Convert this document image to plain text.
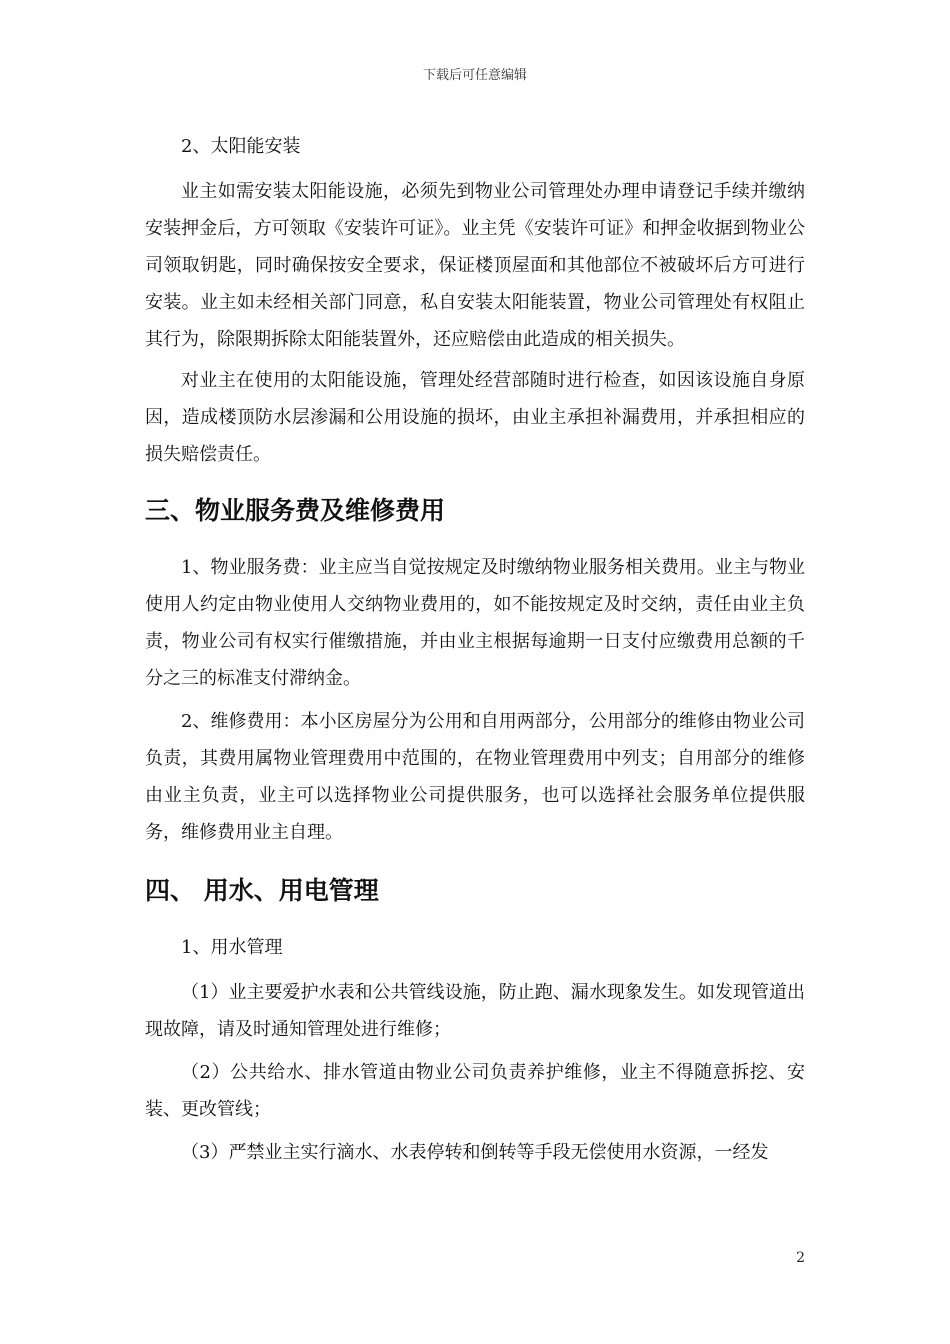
下载后可任意编辑

2、太阳能安装

业主如需安装太阳能设施，必须先到物业公司管理处办理申请登记手续并缴纳安装押金后，方可领取《安装许可证》。业主凭《安装许可证》和押金收据到物业公司领取钥匙，同时确保按安全要求，保证楼顶屋面和其他部位不被破坏后方可进行安装。业主如未经相关部门同意，私自安装太阳能装置，物业公司管理处有权阻止其行为，除限期拆除太阳能装置外，还应赔偿由此造成的相关损失。

对业主在使用的太阳能设施，管理处经营部随时进行检查，如因该设施自身原因，造成楼顶防水层渗漏和公用设施的损坏，由业主承担补漏费用，并承担相应的损失赔偿责任。

三、物业服务费及维修费用

1、物业服务费：业主应当自觉按规定及时缴纳物业服务相关费用。业主与物业使用人约定由物业使用人交纳物业费用的，如不能按规定及时交纳，责任由业主负责，物业公司有权实行催缴措施，并由业主根据每逾期一日支付应缴费用总额的千分之三的标准支付滞纳金。

2、维修费用：本小区房屋分为公用和自用两部分，公用部分的维修由物业公司负责，其费用属物业管理费用中范围的，在物业管理费用中列支；自用部分的维修由业主负责，业主可以选择物业公司提供服务，也可以选择社会服务单位提供服务，维修费用业主自理。

四、 用水、用电管理

1、用水管理

（1）业主要爱护水表和公共管线设施，防止跑、漏水现象发生。如发现管道出现故障，请及时通知管理处进行维修；

（2）公共给水、排水管道由物业公司负责养护维修，业主不得随意拆挖、安装、更改管线；

（3）严禁业主实行滴水、水表停转和倒转等手段无偿使用水资源，一经发

2
